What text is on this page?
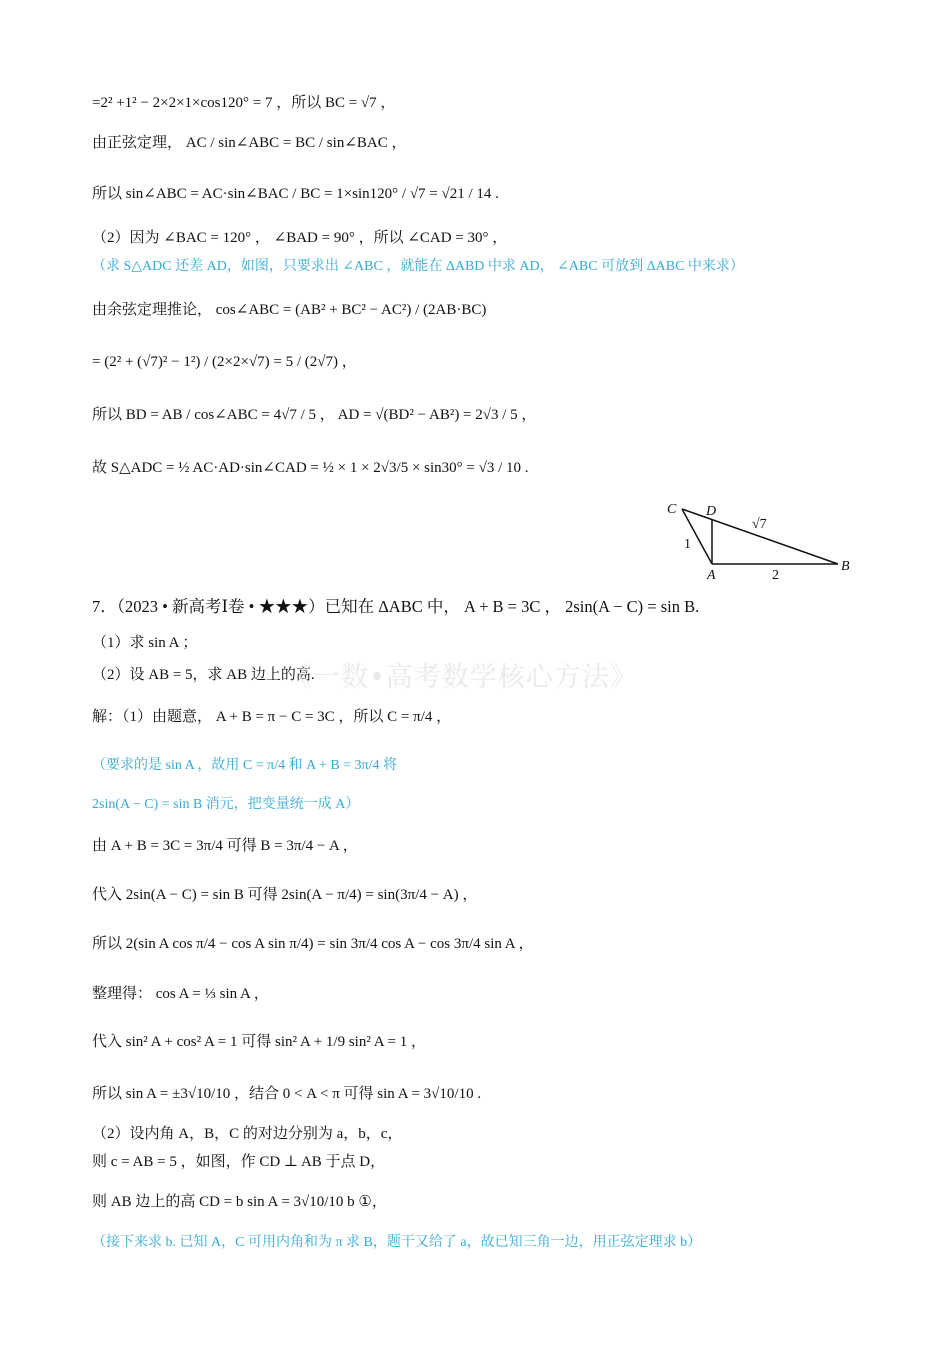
=2² +1² − 2×2×1×cos120° = 7 ，所以 BC = √7 ，
由正弦定理， AC / sin∠ABC = BC / sin∠BAC ，
所以 sin∠ABC = AC·sin∠BAC / BC = 1×sin120° / √7 = √21 / 14 .
（2）因为 ∠BAC = 120° ， ∠BAD = 90° ，所以 ∠CAD = 30° ，
（求 S△ADC 还差 AD，如图，只要求出 ∠ABC ，就能在 ΔABD 中求 AD， ∠ABC 可放到 ΔABC 中来求）
由余弦定理推论， cos∠ABC = (AB² + BC² − AC²) / (2AB·BC)
= (2² + (√7)² − 1²) / (2×2×√7) = 5 / (2√7) ，
所以 BD = AB / cos∠ABC = 4√7 / 5 ， AD = √(BD² − AB²) = 2√3 / 5 ，
故 S△ADC = ½ AC·AD·sin∠CAD = ½ × 1 × 2√3/5 × sin30° = √3 / 10 .
7．（2023 • 新高考Ⅰ卷 • ★★★）已知在 ΔABC 中， A + B = 3C ， 2sin(A − C) = sin B.
（1）求 sin A ；
（2）设 AB = 5，求 AB 边上的高.
解：（1）由题意， A + B = π − C = 3C ，所以 C = π/4 ，
（要求的是 sin A ，故用 C = π/4 和 A + B = 3π/4 将
2sin(A − C) = sin B 消元，把变量统一成 A）
由 A + B = 3C = 3π/4 可得 B = 3π/4 − A ，
代入 2sin(A − C) = sin B 可得 2sin(A − π/4) = sin(3π/4 − A) ，
所以 2(sin A cos π/4 − cos A sin π/4) = sin 3π/4 cos A − cos 3π/4 sin A ，
整理得： cos A = ⅓ sin A ，
代入 sin² A + cos² A = 1 可得 sin² A + 1/9 sin² A = 1 ，
所以 sin A = ±3√10/10 ，结合 0 < A < π 可得 sin A = 3√10/10 .
（2）设内角 A，B，C 的对边分别为 a，b，c，
则 c = AB = 5 ，如图，作 CD ⊥ AB 于点 D，
则 AB 边上的高 CD = b sin A = 3√10/10 b ①，
（接下来求 b. 已知 A，C 可用内角和为 π 求 B，题干又给了 a，故已知三角一边，用正弦定理求 b）
《一数•高考数学核心方法》
C D
A
B
1
2
√7
